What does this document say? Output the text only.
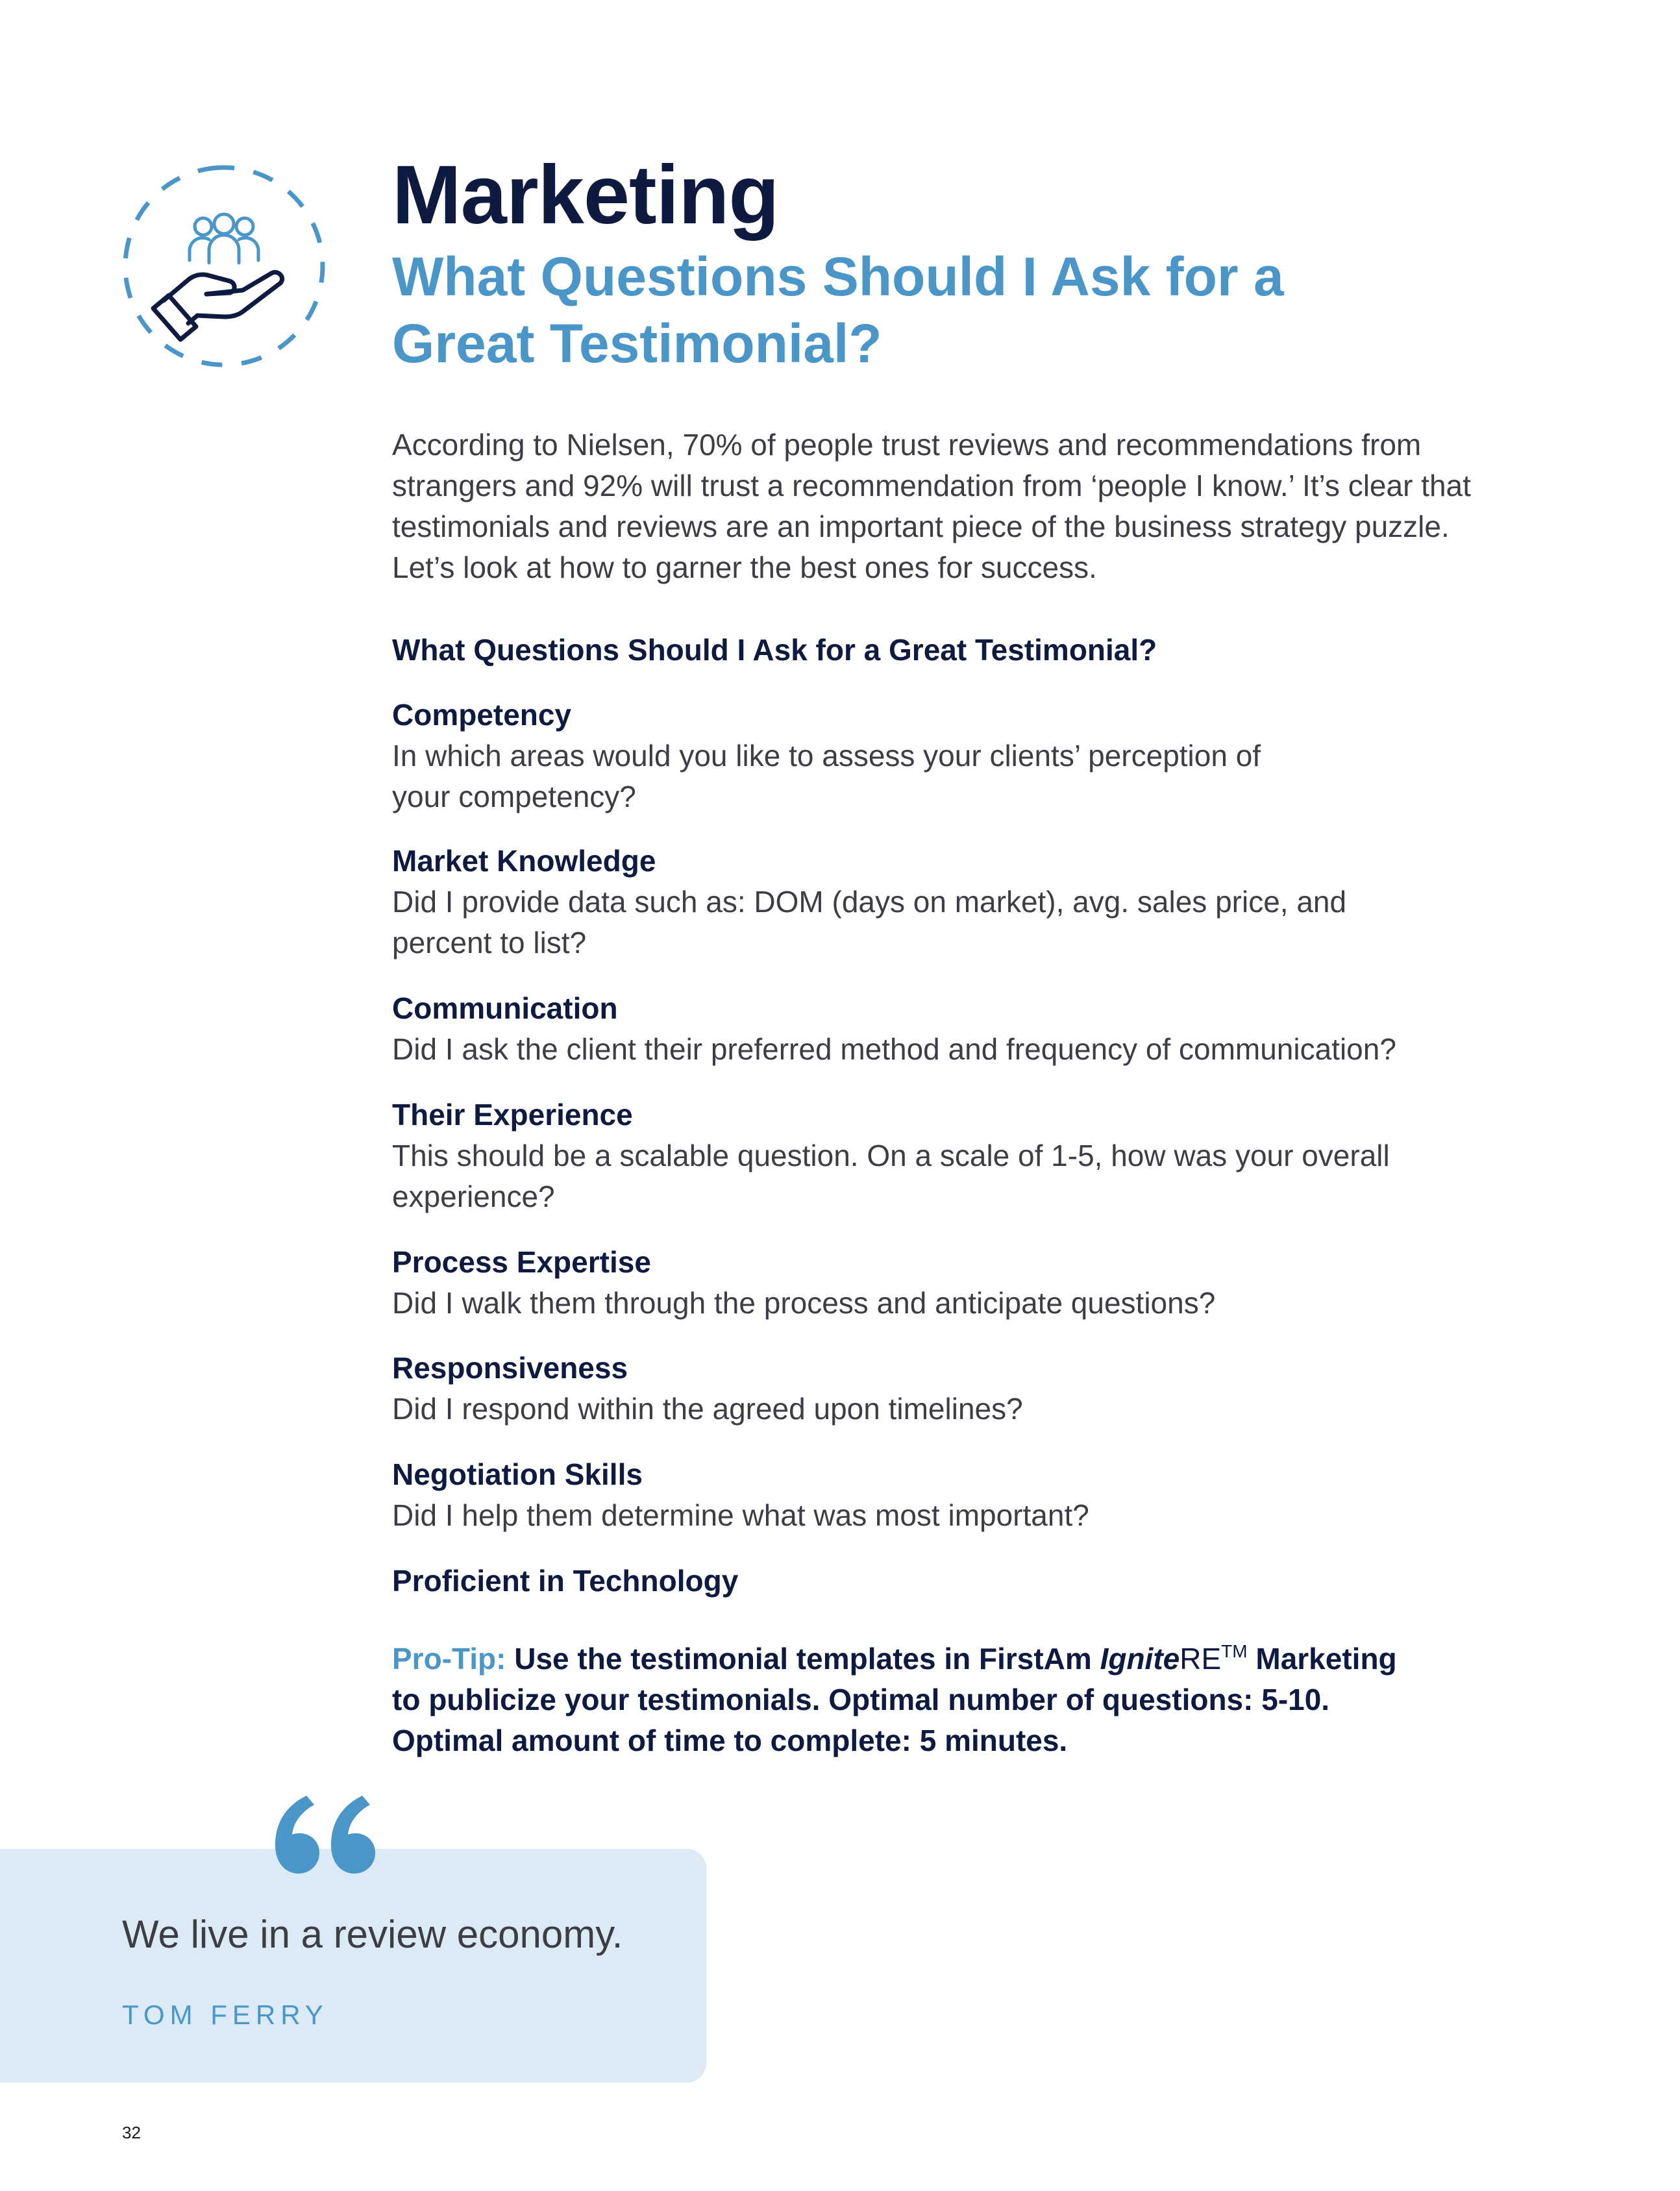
Marketing
What Questions Should I Ask for a
Great Testimonial?

According to Nielsen, 70% of people trust reviews and recommendations from
strangers and 92% will trust a recommendation from ‘people I know.’ It’s clear that
testimonials and reviews are an important piece of the business strategy puzzle.
Let’s look at how to garner the best ones for success.

What Questions Should I Ask for a Great Testimonial?

Competency

In which areas would you like to assess your clients’ perception of
your competency?

Market Knowledge

Did I provide data such as: DOM (days on market), avg. sales price, and
percent to list?

Communication

Did I ask the client their preferred method and frequency of communication?

Their Experience

This should be a scalable question. On a scale of 1-5, how was your overall
experience?

Process Expertise

Did I walk them through the process and anticipate questions?

Responsiveness

Did I respond within the agreed upon timelines?

Negotiation Skills

Did I help them determine what was most important?

Proficient in Technology

Pro-Tip: Use the testimonial templates in FirstAm IgniteRE™ Marketing
to publicize your testimonials. Optimal number of questions: 5-10.
Optimal amount of time to complete: 5 minutes.

We live in a review economy.

TOM FERRY

32
